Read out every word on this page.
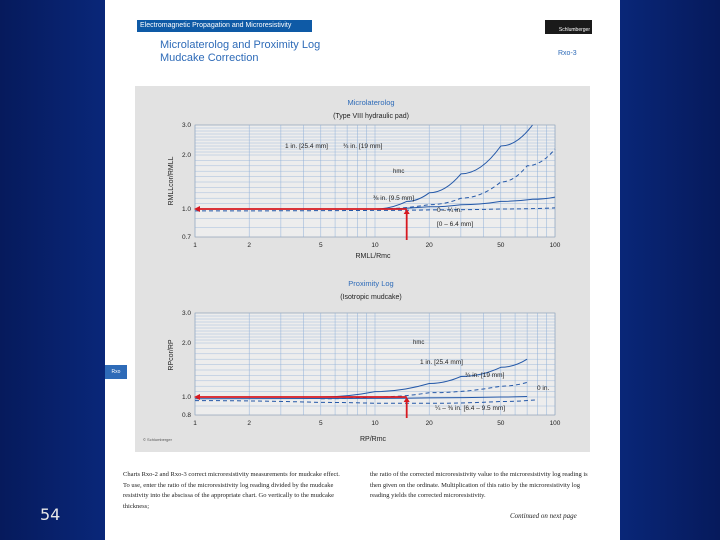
54
Electromagnetic Propagation and Microresistivity
Schlumberger
Microlaterolog and Proximity Log
Mudcake Correction	Rxo-3
Rxo
Microlaterolog
(Type VIII hydraulic pad)
1	2	5	10	20	50	100
0.7
1.0
2.0
3.0
RMLL/Rmc
RMLLcor/RMLL
1 in. [25.4 mm] ¾ in. [19 mm]
⅜ in. [9.5 mm]
0 – ¼ in.
[0 – 6.4 mm]
hmc
Proximity Log
(Isotropic mudcake)
1	2	5	10	20	50	100
0.8
1.0
2.0
3.0
RP/Rmc
RPcor/RP	1 in. [25.4 mm]
¾ in. [19 mm]
0 in.
¼ – ⅜ in. [6.4 – 9.5 mm]
hmc
© Schlumberger
Charts Rxo-2 and Rxo-3 correct microresistivity measurements for mudcake effect. To use, enter the ratio of the microresistivity log reading divided by the mudcake resistivity into the abscissa of the appropriate chart. Go vertically to the mudcake thickness;
the ratio of the corrected microresistivity value to the microresistivity log reading is then given on the ordinate. Multiplication of this ratio by the microresistivity log reading yields the corrected microresistivity.
Continued on next page
